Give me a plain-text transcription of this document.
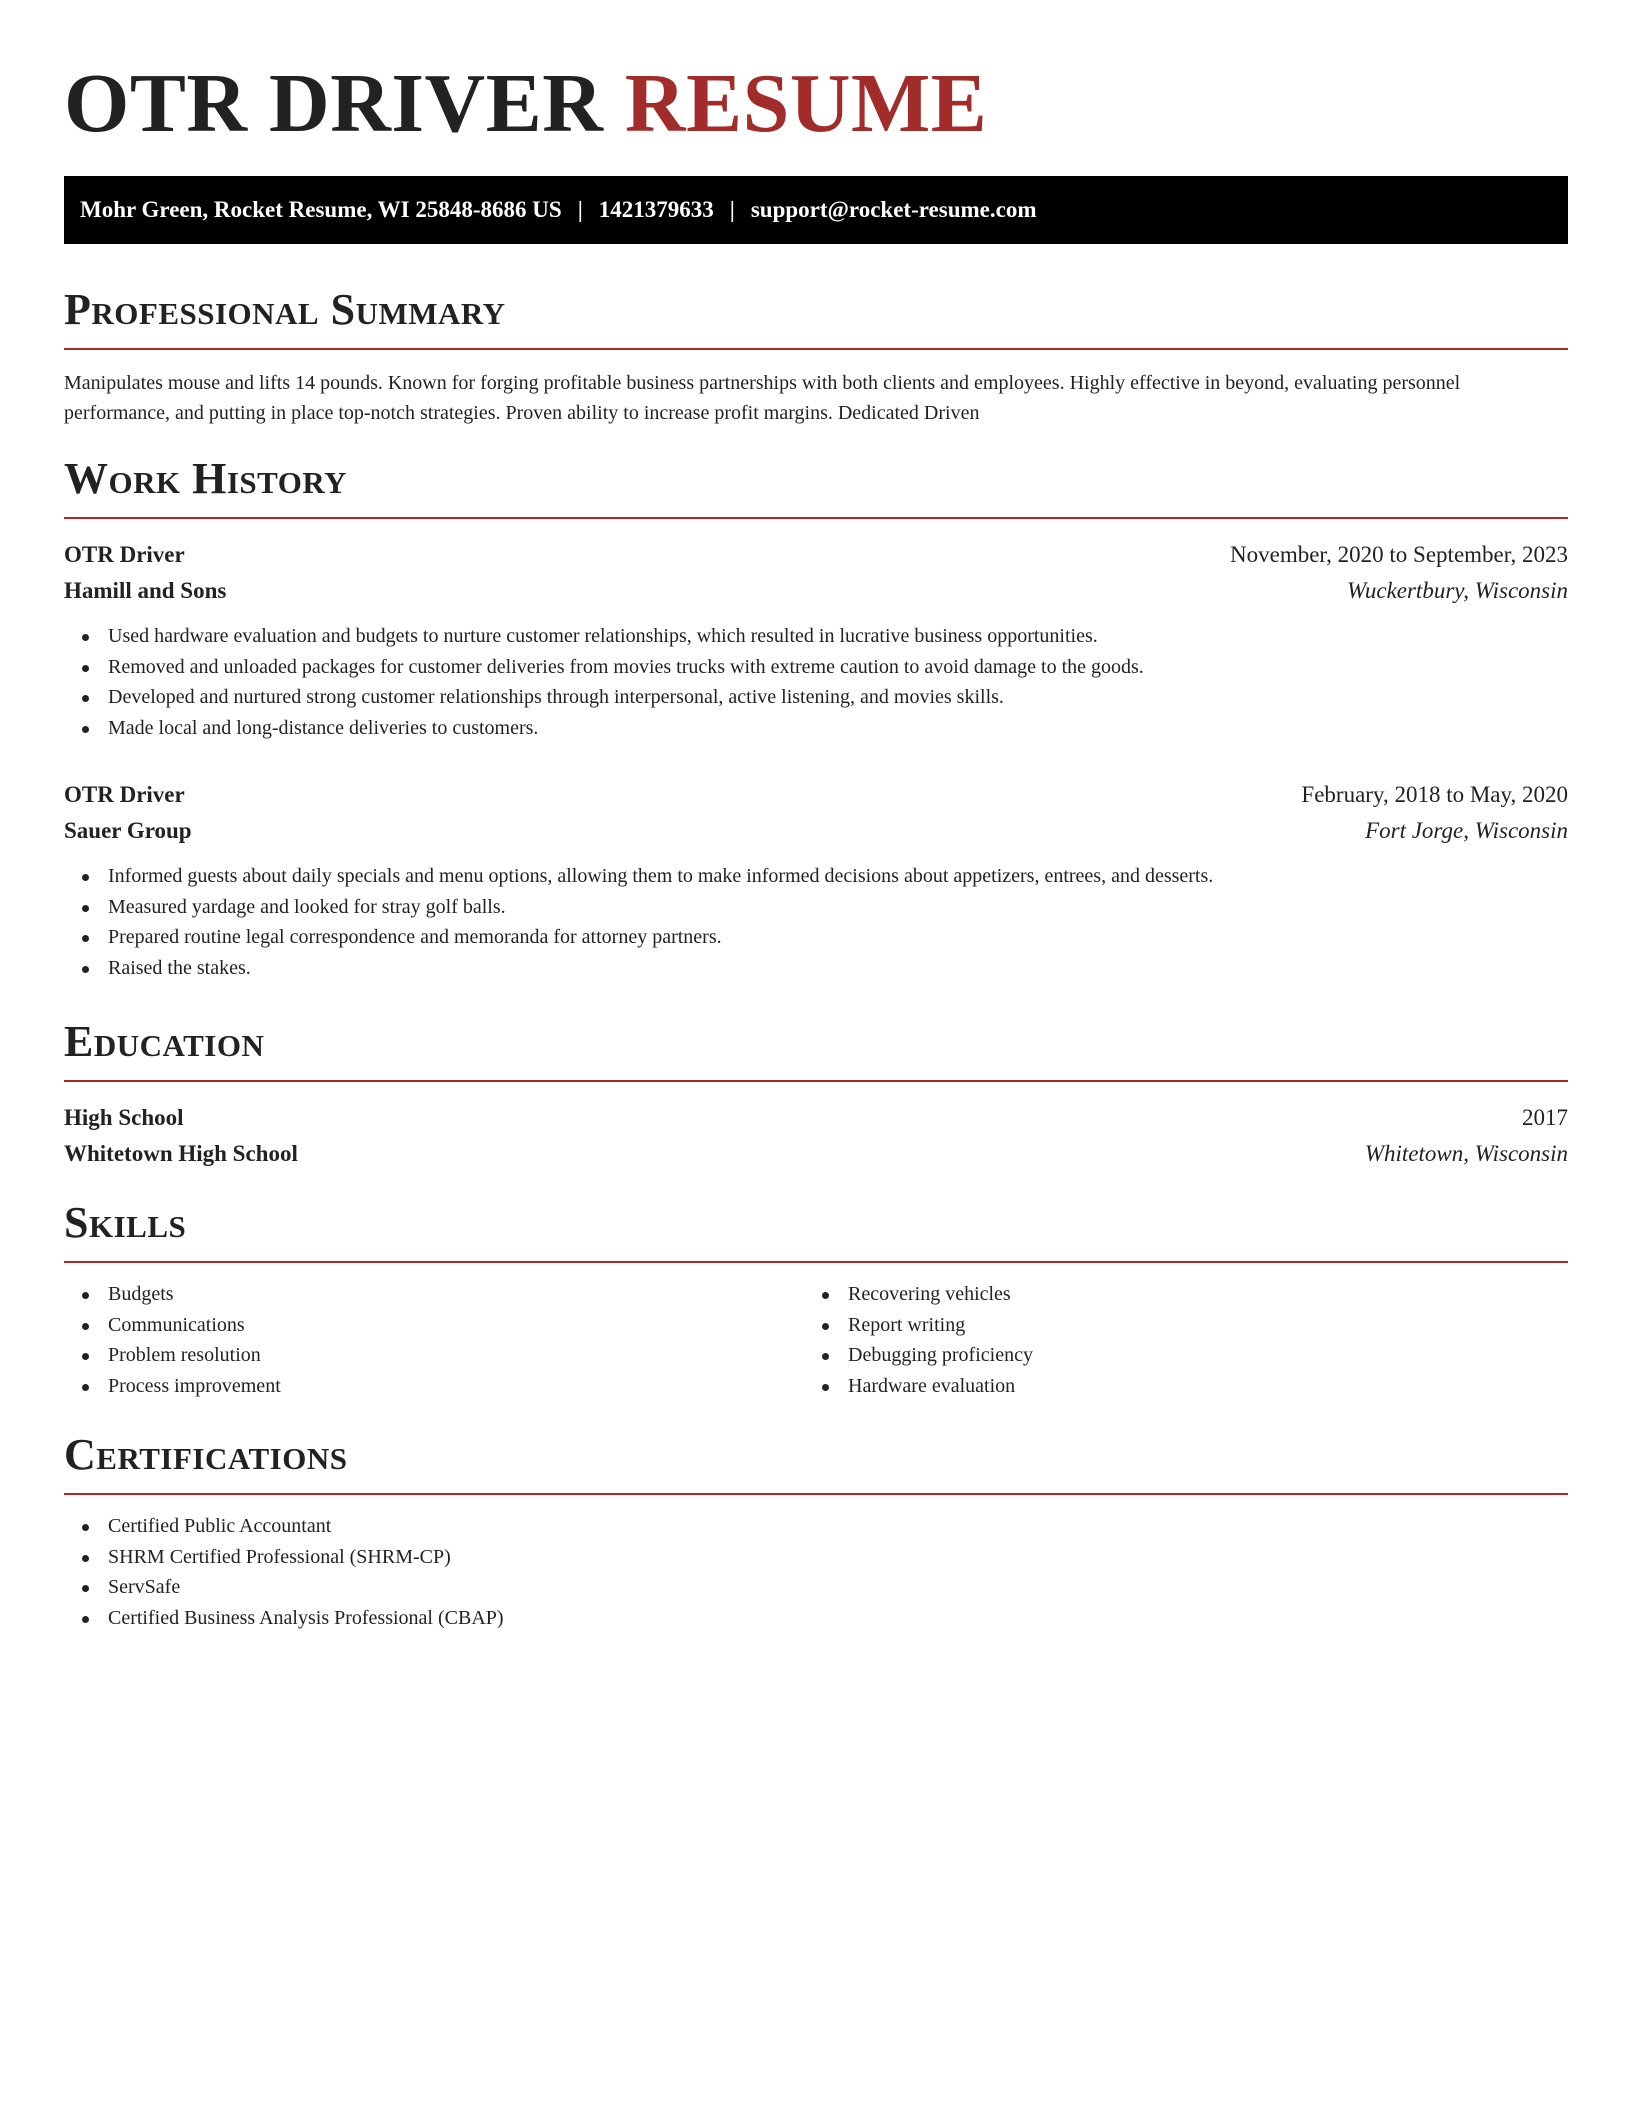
OTR DRIVER RESUME
Mohr Green, Rocket Resume, WI 25848-8686 US | 1421379633 | support@rocket-resume.com
Professional Summary

Manipulates mouse and lifts 14 pounds. Known for forging profitable business partnerships with both clients and employees. Highly effective in beyond, evaluating personnel performance, and putting in place top-notch strategies. Proven ability to increase profit margins. Dedicated Driven

Work History
OTR Driver	November, 2020 to September, 2023
Hamill and Sons	Wuckertbury, Wisconsin
Used hardware evaluation and budgets to nurture customer relationships, which resulted in lucrative business opportunities.
Removed and unloaded packages for customer deliveries from movies trucks with extreme caution to avoid damage to the goods.
Developed and nurtured strong customer relationships through interpersonal, active listening, and movies skills.
Made local and long-distance deliveries to customers.
OTR Driver	February, 2018 to May, 2020
Sauer Group	Fort Jorge, Wisconsin
Informed guests about daily specials and menu options, allowing them to make informed decisions about appetizers, entrees, and desserts.
Measured yardage and looked for stray golf balls.
Prepared routine legal correspondence and memoranda for attorney partners.
Raised the stakes.
Education
High School	2017
Whitetown High School	Whitetown, Wisconsin
Skills
Budgets
Communications
Problem resolution
Process improvement
Recovering vehicles
Report writing
Debugging proficiency
Hardware evaluation
Certifications
Certified Public Accountant
SHRM Certified Professional (SHRM-CP)
ServSafe
Certified Business Analysis Professional (CBAP)
